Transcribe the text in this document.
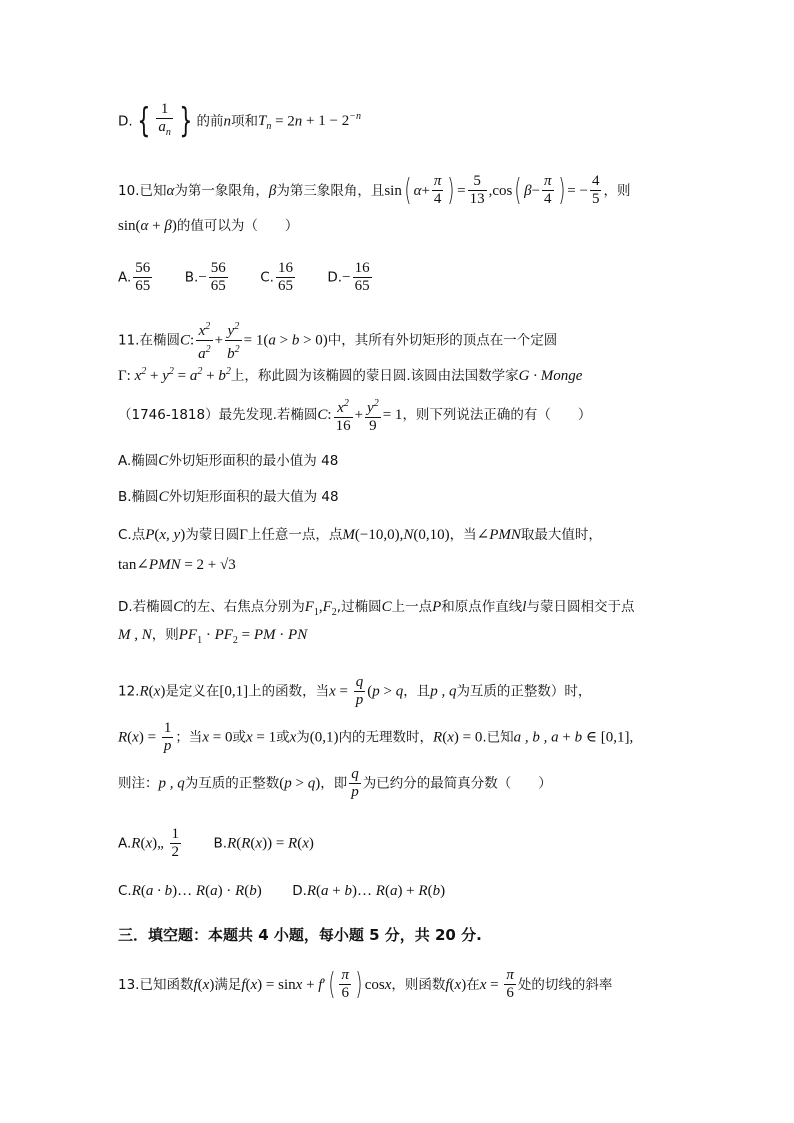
D. { $\frac{1}{a_n}$ } 的前n项和$T_n = 2n + 1 - 2^{-n}$
10.已知α为第一象限角，β为第三象限角，且sin( $\alpha+ \frac{\pi}{4}$ ) = $\frac{5}{13} ,\cos$( $\beta- \frac{\pi}{4}$ ) = − $\frac{4}{5}$ ，则
sin(α + β)的值可以为（　　）
A. $\frac{56}{65} B.- \frac{56}{65} C$. $\frac{16}{65} D.- \frac{16}{65}$
11.在椭圆C: $\frac{x^2}{a^2} + \frac{y^2}{b^2} = 1(a > b > 0)$中，其所有外切矩形的顶点在一个定圆
Γ: $x^2 + y^2 = a^2 + b^2$上，称此圆为该椭圆的蒙日圆.该圆由法国数学家G · Monge
（1746-1818）最先发现.若椭圆C: $\frac{x^2}{16} + \frac{y^2}{9} = 1$，则下列说法正确的有（　　）
A.椭圆C外切矩形面积的最小值为 48
B.椭圆C外切矩形面积的最大值为 48
C.点P(x, y)为蒙日圆Γ上任意一点，点M(−10,0),N(0,10)，当∠PMN取最大值时，
tan∠PMN = 2 + √3
D.若椭圆C的左、右焦点分别为$F_1,F_2$,过椭圆C上一点P和原点作直线l与蒙日圆相交于点
M , N，则$PF_1 \cdot PF_2$ = PM · PN
12.R(x)是定义在[0,1]上的函数，当$x = \frac{q}{p} (p > q$，且p , q为互质的正整数）时，
$R(x) = \frac{1}{p}$ ；当x = 0或x = 1或x为(0,1)内的无理数时，R(x) = 0.已知a , b , a + b ∈ [0,1],
则注：p , q为互质的正整数(p > q)，即 $\frac{q}{p}$ 为已约分的最简真分数（　　）
A.R(x)„ $\frac{1}{2} B.R(R(x)) = R(x)$
C.R(a · b)… R(a) · R(b) D.R(a + b)… R(a) + R(b)
三．填空题：本题共 4 小题，每小题 5 分，共 20 分.
13.已知函数f(x)满足$f(x) = \sin x + f'( \frac{\pi}{6}$ ) cosx，则函数f(x)在$x = \frac{\pi}{6}$ 处的切线的斜率
